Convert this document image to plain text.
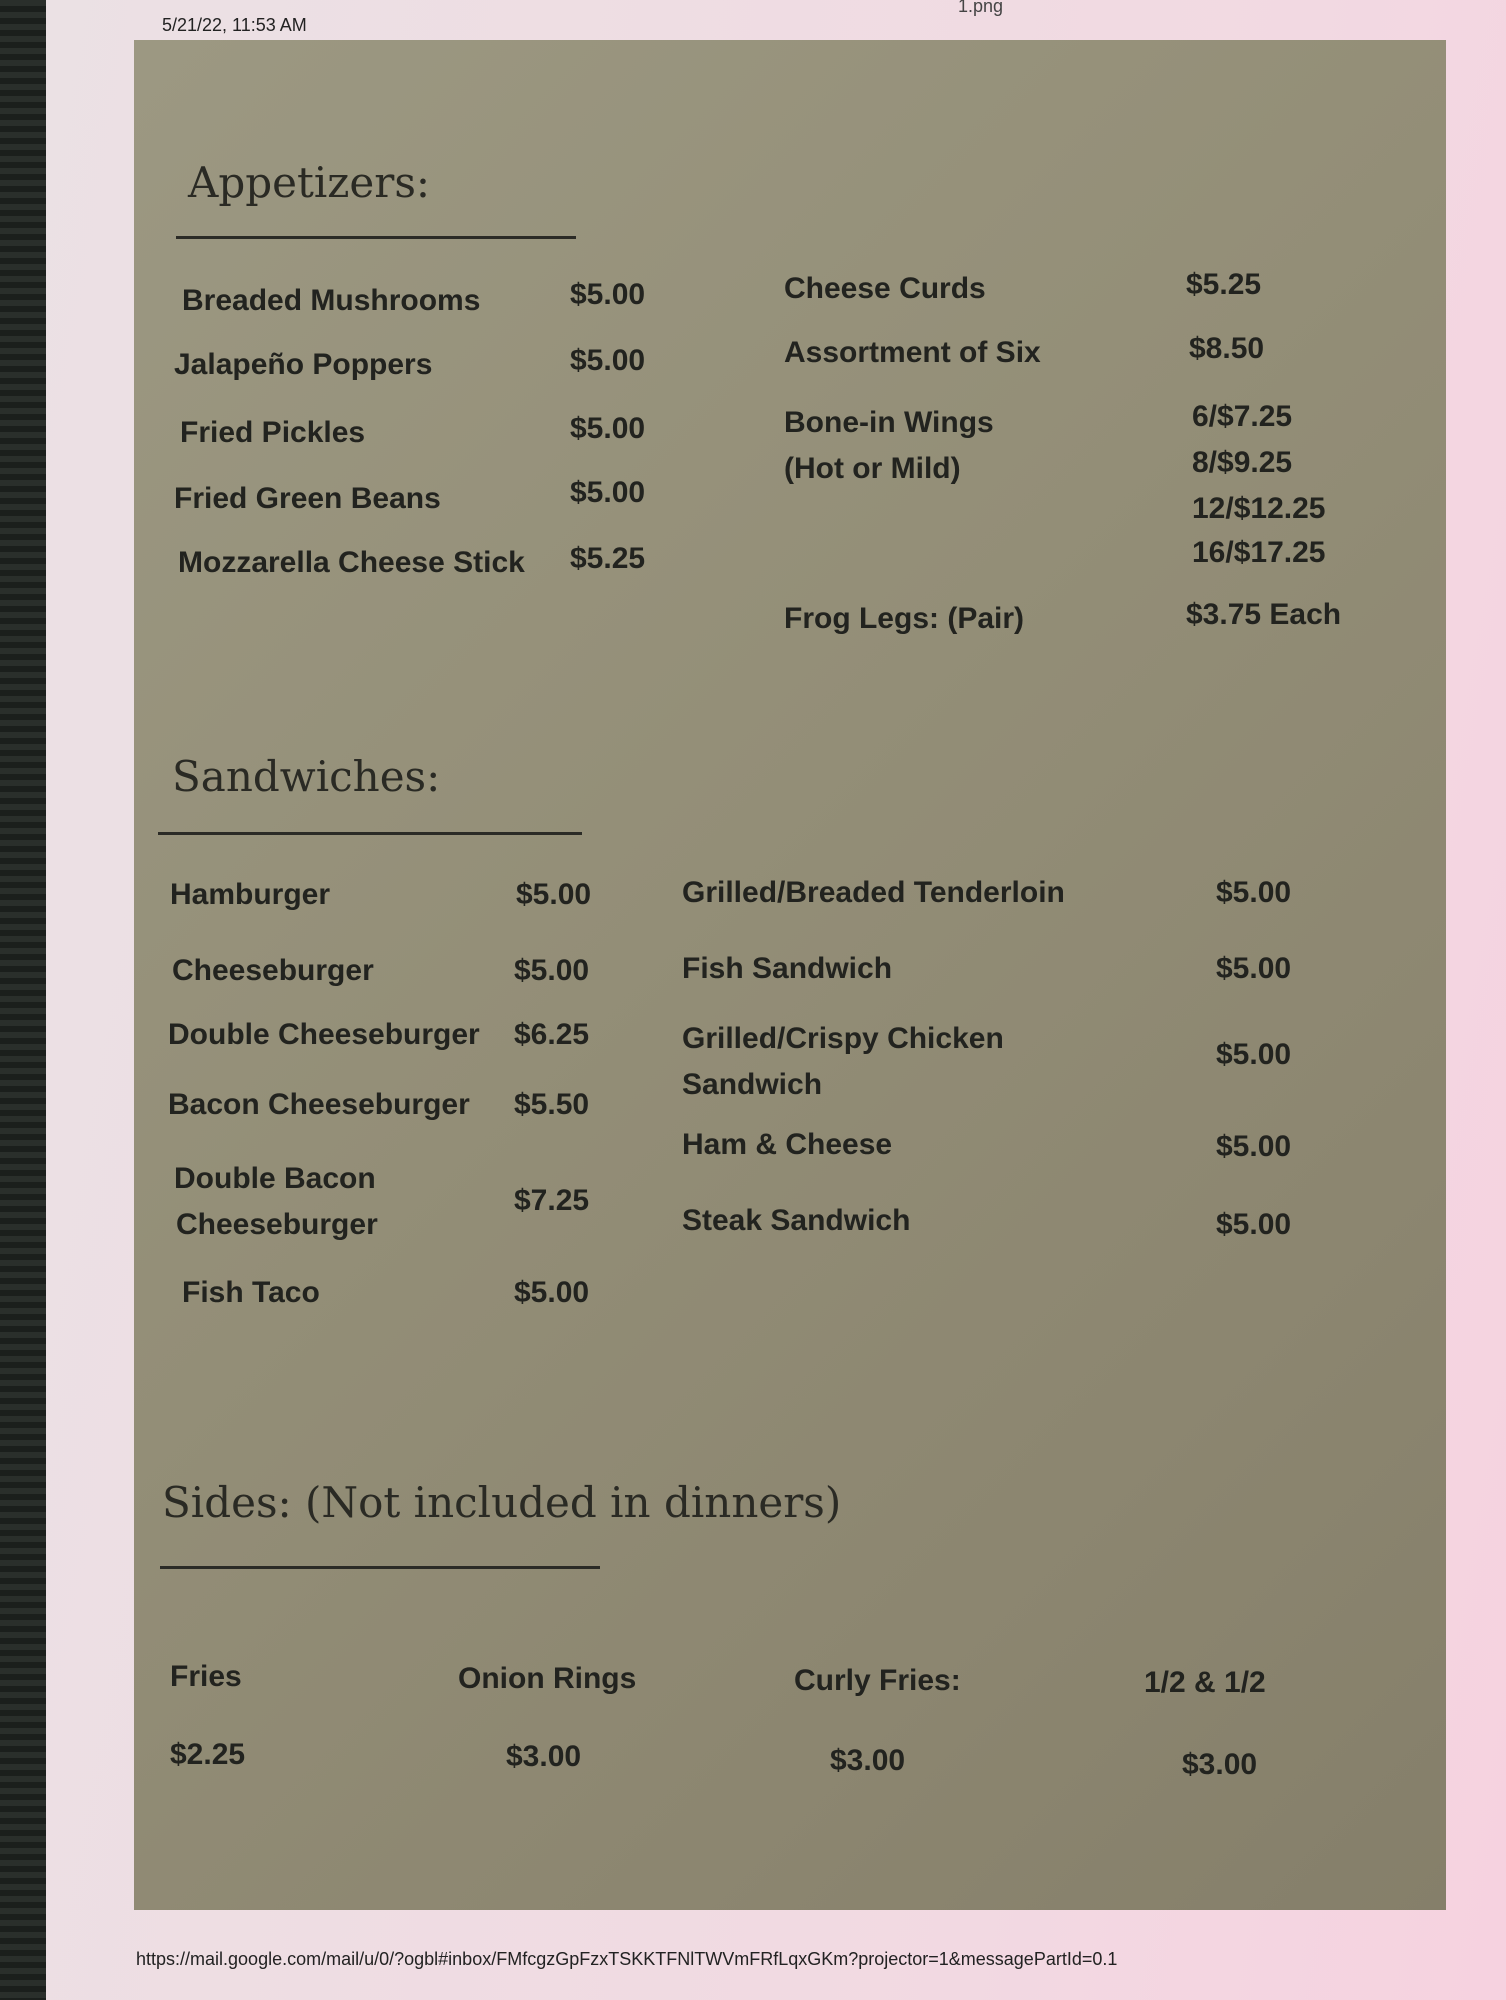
5/21/22, 11:53 AM
1.png
https://mail.google.com/mail/u/0/?ogbl#inbox/FMfcgzGpFzxTSKKTFNlTWVmFRfLqxGKm?projector=1&messagePartId=0.1
Appetizers:
Breaded Mushrooms	$5.00
Jalapeño Poppers	$5.00
Fried Pickles	$5.00
Fried Green Beans	$5.00
Mozzarella Cheese Stick $5.25
Cheese Curds	$5.25
Assortment of Six	$8.50
Bone-in Wings
(Hot or Mild)
6/$7.25
8/$9.25
12/$12.25
16/$17.25
Frog Legs: (Pair)	$3.75 Each
Sandwiches:
Hamburger	$5.00
Cheeseburger	$5.00
Double Cheeseburger $6.25
Bacon Cheeseburger $5.50
Double Bacon
Cheeseburger
$7.25
Fish Taco	$5.00
Grilled/Breaded Tenderloin	$5.00
Fish Sandwich	$5.00
Grilled/Crispy Chicken
Sandwich
$5.00
Ham & Cheese	$5.00
Steak Sandwich	$5.00
Sides: (Not included in dinners)
Fries
$2.25
Onion Rings
$3.00
Curly Fries:
$3.00
1/2 & 1/2
$3.00
